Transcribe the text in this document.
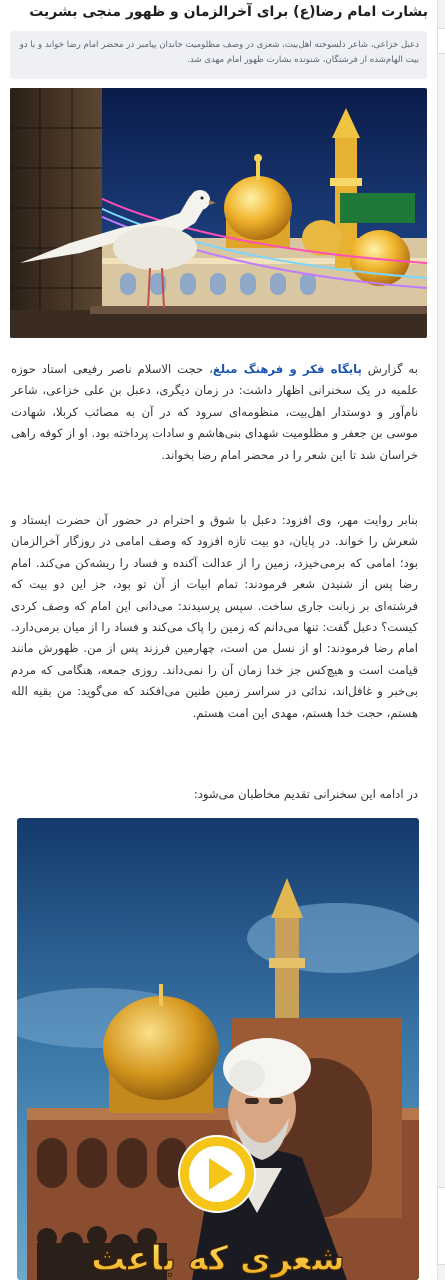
بشارت امام رضا(ع) برای آخرالزمان و ظهور منجی بشریت
دعبل خزاعی، شاعر دلسوخته اهل‌بیت، شعری در وصف مظلومیت خاندان پیامبر در محضر امام رضا خواند و با دو بیت الهام‌شده از فرشتگان، شنونده بشارت ظهور امام مهدی شد.
به گزارش پایگاه فکر و فرهنگ مبلغ، حجت الاسلام ناصر رفیعی استاد حوزه علمیه در یک سخنرانی اظهار داشت: در زمان دیگری، دعبل بن علی خزاعی، شاعر نام‌آور و دوستدار اهل‌بیت، منظومه‌ای سرود که در آن به مصائب کربلا، شهادت موسی بن جعفر و مظلومیت شهدای بنی‌هاشم و سادات پرداخته بود. او از کوفه راهی خراسان شد تا این شعر را در محضر امام رضا بخواند.
بنابر روایت مهر، وی افزود: دعبل با شوق و احترام در حضور آن حضرت ایستاد و شعرش را خواند. در پایان، دو بیت تازه افزود که وصف امامی در روزگار آخرالزمان بود؛ امامی که برمی‌خیزد، زمین را از عدالت آکنده و فساد را ریشه‌کن می‌کند. امام رضا پس از شنیدن شعر فرمودند: تمام ابیات از آن تو بود، جز این دو بیت که فرشته‌ای بر زبانت جاری ساخت. سپس پرسیدند: می‌دانی این امام که وصف کردی کیست؟ دعبل گفت: تنها می‌دانم که زمین را پاک می‌کند و فساد را از میان برمی‌دارد. امام رضا فرمودند: او از نسل من است، چهارمین فرزند پس از من. ظهورش مانند قیامت است و هیچ‌کس جز خدا زمان آن را نمی‌داند. روزی جمعه، هنگامی که مردم بی‌خبر و غافل‌اند، ندائی در سراسر زمین طنین می‌افکند که می‌گوید: من بقیه الله هستم، حجت خدا هستم، مهدی این امت هستم.
در ادامه این سخنرانی تقدیم مخاطبان می‌شود:
شعری که باعث
